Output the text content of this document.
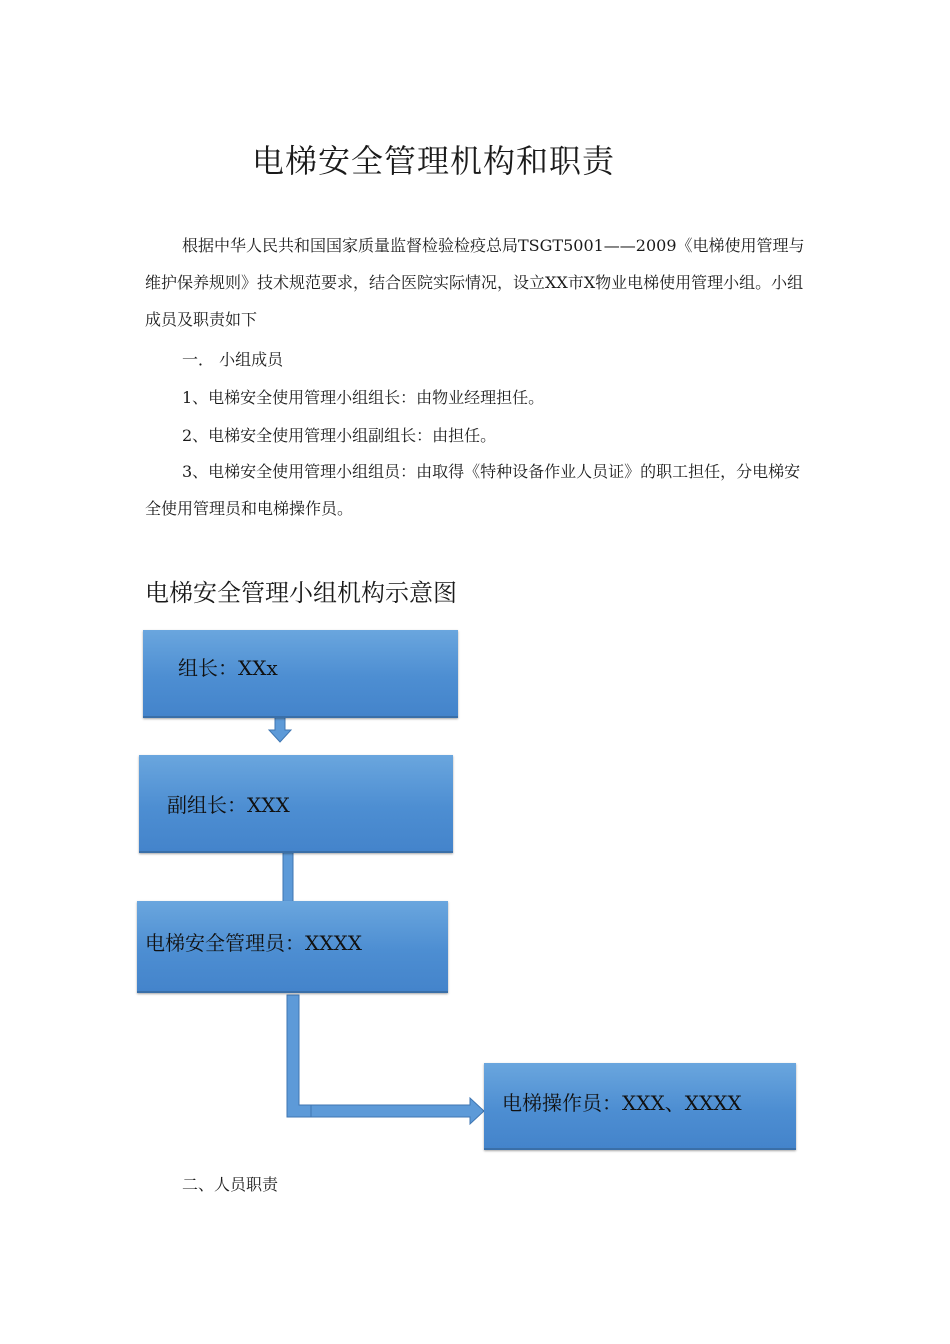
电梯安全管理机构和职责

根据中华人民共和国国家质量监督检验检疫总局TSGT5001——2009《电梯使用管理与维护保养规则》技术规范要求，结合医院实际情况，设立XX市X物业电梯使用管理小组。小组成员及职责如下

一． 小组成员
1、电梯安全使用管理小组组长：由物业经理担任。
2、电梯安全使用管理小组副组长：由担任。

3、电梯安全使用管理小组组员：由取得《特种设备作业人员证》的职工担任，分电梯安全使用管理员和电梯操作员。

电梯安全管理小组机构示意图
组长：XXx
副组长：XXX
电梯安全管理员：XXXX
电梯操作员：XXX、XXXX
二、人员职责
